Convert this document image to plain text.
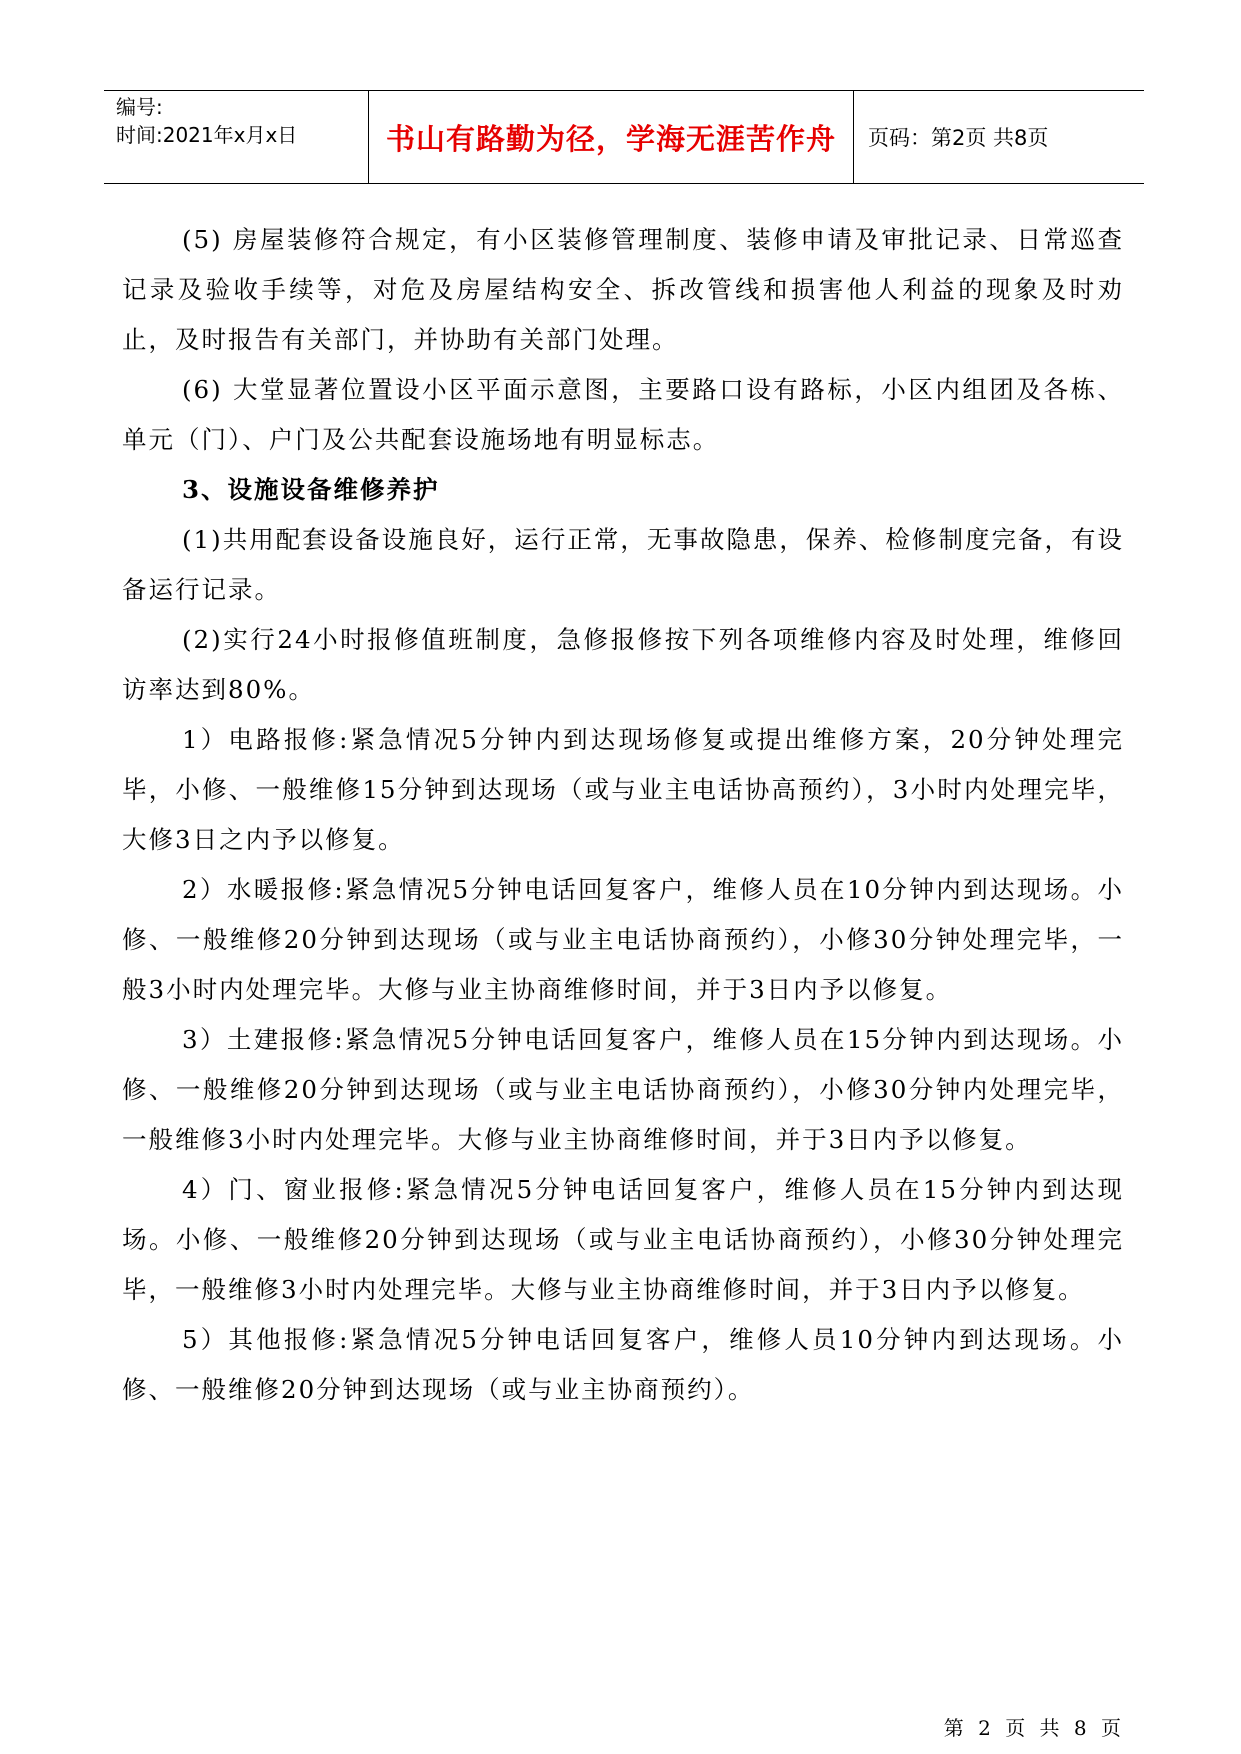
编号:
时间:2021年x月x日	书山有路勤为径，学海无涯苦作舟	页码：第2页 共8页

(5) 房屋装修符合规定，有小区装修管理制度、装修申请及审批记录、日常巡查记录及验收手续等，对危及房屋结构安全、拆改管线和损害他人利益的现象及时劝止，及时报告有关部门，并协助有关部门处理。

(6) 大堂显著位置设小区平面示意图，主要路口设有路标，小区内组团及各栋、单元（门）、户门及公共配套设施场地有明显标志。

3、设施设备维修养护

(1)共用配套设备设施良好，运行正常，无事故隐患，保养、检修制度完备，有设备运行记录。

(2)实行24小时报修值班制度，急修报修按下列各项维修内容及时处理，维修回访率达到80%。

1）电路报修:紧急情况5分钟内到达现场修复或提出维修方案，20分钟处理完毕，小修、一般维修15分钟到达现场（或与业主电话协高预约），3小时内处理完毕，大修3日之内予以修复。

2）水暖报修:紧急情况5分钟电话回复客户，维修人员在10分钟内到达现场。小修、一般维修20分钟到达现场（或与业主电话协商预约），小修30分钟处理完毕，一般3小时内处理完毕。大修与业主协商维修时间，并于3日内予以修复。

3）土建报修:紧急情况5分钟电话回复客户，维修人员在15分钟内到达现场。小修、一般维修20分钟到达现场（或与业主电话协商预约），小修30分钟内处理完毕，一般维修3小时内处理完毕。大修与业主协商维修时间，并于3日内予以修复。

4）门、窗业报修:紧急情况5分钟电话回复客户，维修人员在15分钟内到达现场。小修、一般维修20分钟到达现场（或与业主电话协商预约），小修30分钟处理完毕，一般维修3小时内处理完毕。大修与业主协商维修时间，并于3日内予以修复。

5）其他报修:紧急情况5分钟电话回复客户，维修人员10分钟内到达现场。小修、一般维修20分钟到达现场（或与业主协商预约）。

第 2 页 共 8 页
